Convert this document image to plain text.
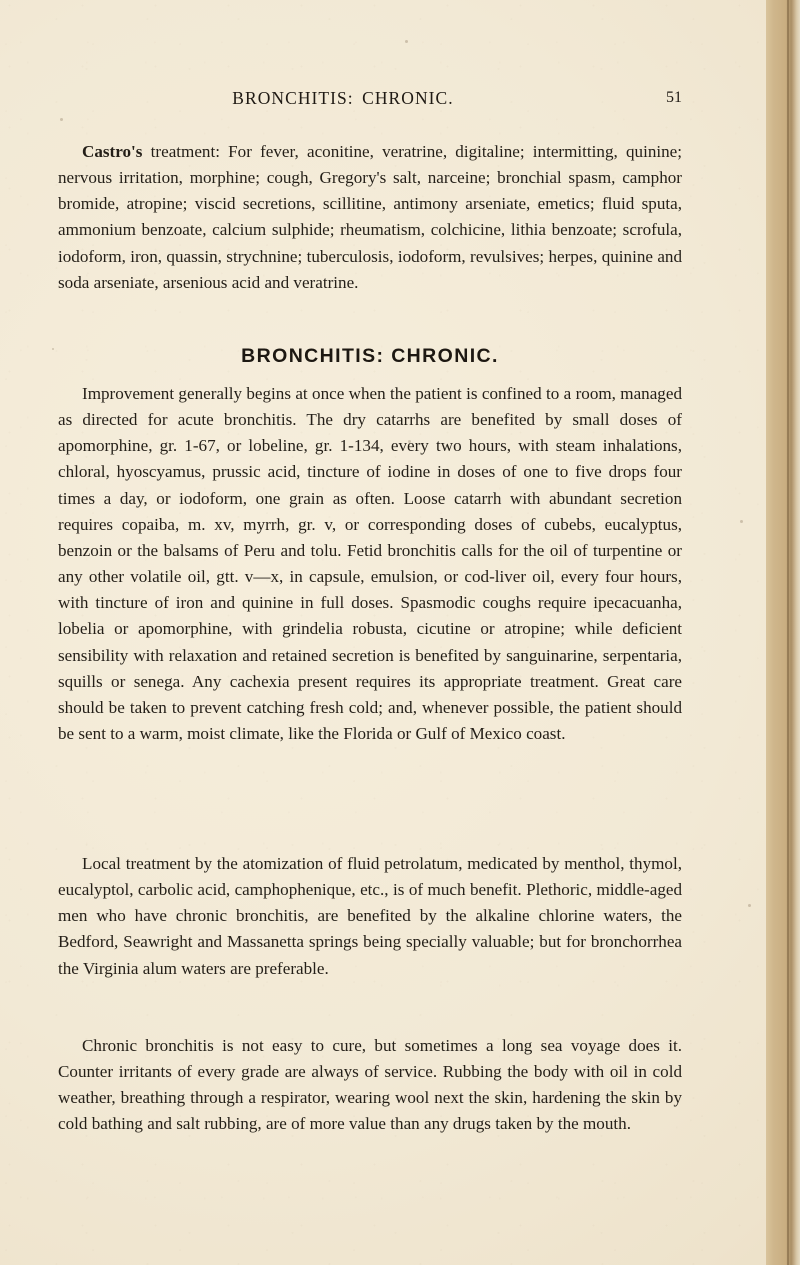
BRONCHITIS: CHRONIC.	51

Castro's treatment: For fever, aconitine, veratrine, digitaline; intermitting, quinine; nervous irritation, morphine; cough, Gregory's salt, narceine; bronchial spasm, camphor bromide, atropine; viscid secretions, scillitine, antimony arseniate, emetics; fluid sputa, ammonium benzoate, calcium sulphide; rheumatism, colchicine, lithia benzoate; scrofula, iodoform, iron, quassin, strychnine; tuberculosis, iodoform, revulsives; herpes, quinine and soda arseniate, arsenious acid and veratrine.

BRONCHITIS: CHRONIC.

Improvement generally begins at once when the patient is confined to a room, managed as directed for acute bronchitis. The dry catarrhs are benefited by small doses of apomorphine, gr. 1-67, or lobeline, gr. 1-134, every two hours, with steam inhalations, chloral, hyoscyamus, prussic acid, tincture of iodine in doses of one to five drops four times a day, or iodoform, one grain as often. Loose catarrh with abundant secretion requires copaiba, m. xv, myrrh, gr. v, or corresponding doses of cubebs, eucalyptus, benzoin or the balsams of Peru and tolu. Fetid bronchitis calls for the oil of turpentine or any other volatile oil, gtt. v—x, in capsule, emulsion, or cod-liver oil, every four hours, with tincture of iron and quinine in full doses. Spasmodic coughs require ipecacuanha, lobelia or apomorphine, with grindelia robusta, cicutine or atropine; while deficient sensibility with relaxation and retained secretion is benefited by sanguinarine, serpentaria, squills or senega. Any cachexia present requires its appropriate treatment. Great care should be taken to prevent catching fresh cold; and, whenever possible, the patient should be sent to a warm, moist climate, like the Florida or Gulf of Mexico coast.

Local treatment by the atomization of fluid petrolatum, medicated by menthol, thymol, eucalyptol, carbolic acid, camphophenique, etc., is of much benefit. Plethoric, middle-aged men who have chronic bronchitis, are benefited by the alkaline chlorine waters, the Bedford, Seawright and Massanetta springs being specially valuable; but for bronchorrhea the Virginia alum waters are preferable.

Chronic bronchitis is not easy to cure, but sometimes a long sea voyage does it. Counter irritants of every grade are always of service. Rubbing the body with oil in cold weather, breathing through a respirator, wearing wool next the skin, hardening the skin by cold bathing and salt rubbing, are of more value than any drugs taken by the mouth.
